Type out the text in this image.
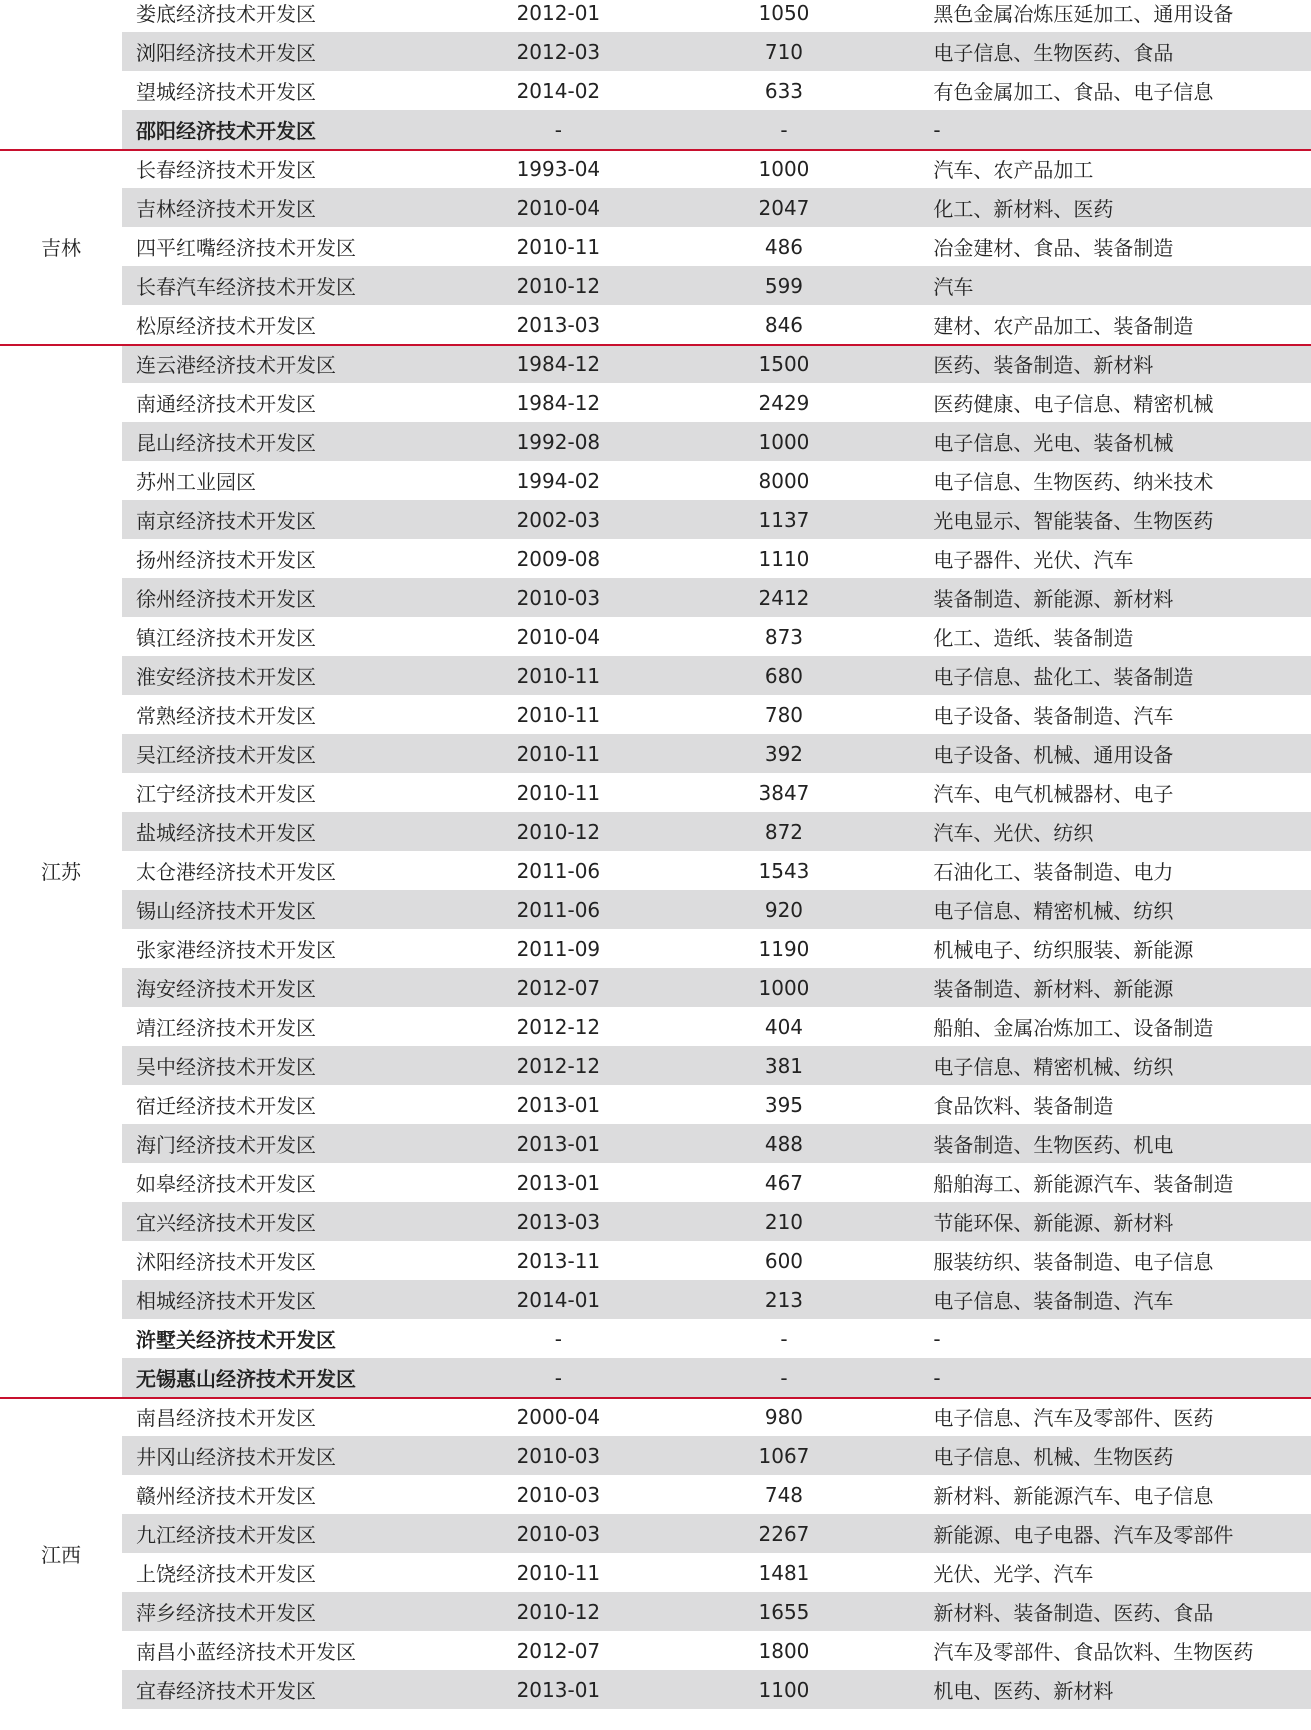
娄底经济技术开发区	2012-01	1050	黑色金属冶炼压延加工、通用设备
浏阳经济技术开发区	2012-03	710	电子信息、生物医药、食品
望城经济技术开发区	2014-02	633	有色金属加工、食品、电子信息
邵阳经济技术开发区	-	-	-
吉林
长春经济技术开发区	1993-04	1000	汽车、农产品加工
吉林经济技术开发区	2010-04	2047	化工、新材料、医药
四平红嘴经济技术开发区	2010-11	486	冶金建材、食品、装备制造
长春汽车经济技术开发区	2010-12	599	汽车
松原经济技术开发区	2013-03	846	建材、农产品加工、装备制造
江苏
连云港经济技术开发区	1984-12	1500	医药、装备制造、新材料
南通经济技术开发区	1984-12	2429	医药健康、电子信息、精密机械
昆山经济技术开发区	1992-08	1000	电子信息、光电、装备机械
苏州工业园区	1994-02	8000	电子信息、生物医药、纳米技术
南京经济技术开发区	2002-03	1137	光电显示、智能装备、生物医药
扬州经济技术开发区	2009-08	1110	电子器件、光伏、汽车
徐州经济技术开发区	2010-03	2412	装备制造、新能源、新材料
镇江经济技术开发区	2010-04	873	化工、造纸、装备制造
淮安经济技术开发区	2010-11	680	电子信息、盐化工、装备制造
常熟经济技术开发区	2010-11	780	电子设备、装备制造、汽车
吴江经济技术开发区	2010-11	392	电子设备、机械、通用设备
江宁经济技术开发区	2010-11	3847	汽车、电气机械器材、电子
盐城经济技术开发区	2010-12	872	汽车、光伏、纺织
太仓港经济技术开发区	2011-06	1543	石油化工、装备制造、电力
锡山经济技术开发区	2011-06	920	电子信息、精密机械、纺织
张家港经济技术开发区	2011-09	1190	机械电子、纺织服装、新能源
海安经济技术开发区	2012-07	1000	装备制造、新材料、新能源
靖江经济技术开发区	2012-12	404	船舶、金属冶炼加工、设备制造
吴中经济技术开发区	2012-12	381	电子信息、精密机械、纺织
宿迁经济技术开发区	2013-01	395	食品饮料、装备制造
海门经济技术开发区	2013-01	488	装备制造、生物医药、机电
如皋经济技术开发区	2013-01	467	船舶海工、新能源汽车、装备制造
宜兴经济技术开发区	2013-03	210	节能环保、新能源、新材料
沭阳经济技术开发区	2013-11	600	服装纺织、装备制造、电子信息
相城经济技术开发区	2014-01	213	电子信息、装备制造、汽车
浒墅关经济技术开发区	-	-	-
无锡惠山经济技术开发区	-	-	-
江西
南昌经济技术开发区	2000-04	980	电子信息、汽车及零部件、医药
井冈山经济技术开发区	2010-03	1067	电子信息、机械、生物医药
赣州经济技术开发区	2010-03	748	新材料、新能源汽车、电子信息
九江经济技术开发区	2010-03	2267	新能源、电子电器、汽车及零部件
上饶经济技术开发区	2010-11	1481	光伏、光学、汽车
萍乡经济技术开发区	2010-12	1655	新材料、装备制造、医药、食品
南昌小蓝经济技术开发区	2012-07	1800	汽车及零部件、食品饮料、生物医药
宜春经济技术开发区	2013-01	1100	机电、医药、新材料
